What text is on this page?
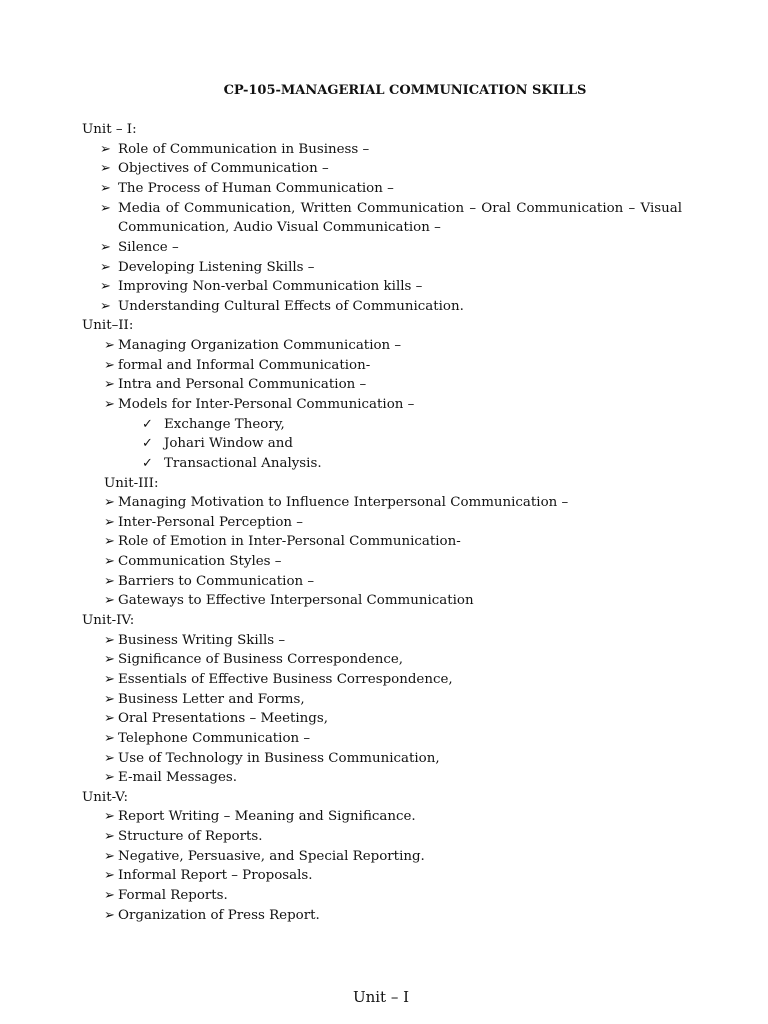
CP-105-MANAGERIAL COMMUNICATION SKILLS
Unit – I:
➢ Role of Communication in Business –
➢ Objectives of Communication –
➢ The Process of Human Communication –
➢ Media of Communication, Written Communication – Oral Communication – Visual Communication, Audio Visual Communication –
➢ Silence –
➢ Developing Listening Skills –
➢ Improving Non-verbal Communication kills –
➢ Understanding Cultural Effects of Communication.
Unit–II:
➢ Managing Organization Communication –
➢ formal and Informal Communication-
➢ Intra and Personal Communication –
➢ Models for Inter-Personal Communication –
✓ Exchange Theory,
✓ Johari Window and
✓ Transactional Analysis.
Unit-III:
➢ Managing Motivation to Influence Interpersonal Communication –
➢ Inter-Personal Perception –
➢ Role of Emotion in Inter-Personal Communication-
➢ Communication Styles –
➢ Barriers to Communication –
➢ Gateways to Effective Interpersonal Communication
Unit-IV:
➢ Business Writing Skills –
➢ Significance of Business Correspondence,
➢ Essentials of Effective Business Correspondence,
➢ Business Letter and Forms,
➢ Oral Presentations – Meetings,
➢ Telephone Communication –
➢ Use of Technology in Business Communication,
➢ E-mail Messages.
Unit-V:
➢ Report Writing – Meaning and Significance.
➢ Structure of Reports.
➢ Negative, Persuasive, and Special Reporting.
➢ Informal Report – Proposals.
➢ Formal Reports.
➢ Organization of Press Report.
Unit – I
